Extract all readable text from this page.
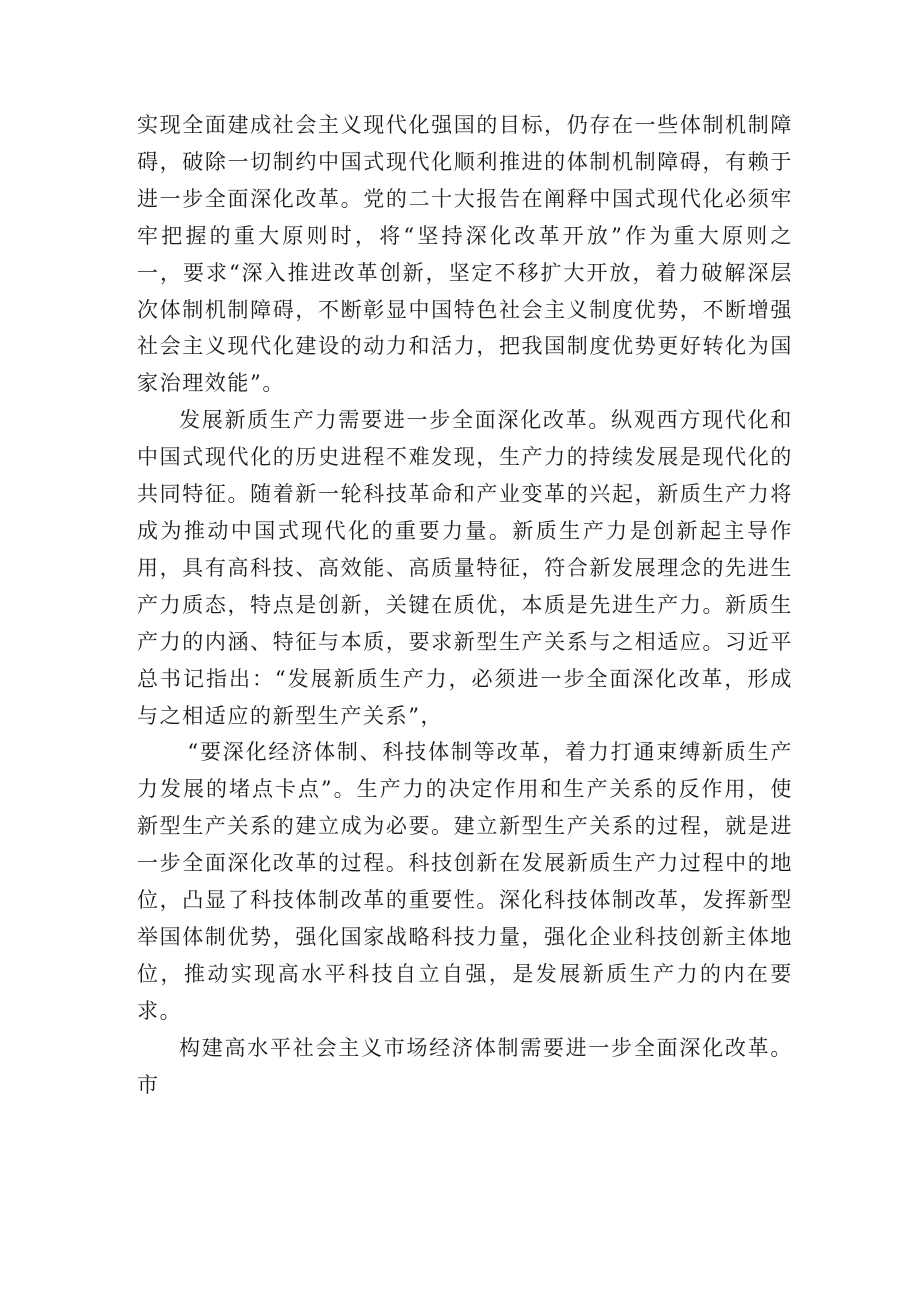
实现全面建成社会主义现代化强国的目标，仍存在一些体制机制障碍，破除一切制约中国式现代化顺利推进的体制机制障碍，有赖于进一步全面深化改革。党的二十大报告在阐释中国式现代化必须牢牢把握的重大原则时，将“坚持深化改革开放”作为重大原则之一，要求“深入推进改革创新，坚定不移扩大开放，着力破解深层次体制机制障碍，不断彰显中国特色社会主义制度优势，不断增强社会主义现代化建设的动力和活力，把我国制度优势更好转化为国家治理效能”。

发展新质生产力需要进一步全面深化改革。纵观西方现代化和中国式现代化的历史进程不难发现，生产力的持续发展是现代化的共同特征。随着新一轮科技革命和产业变革的兴起，新质生产力将成为推动中国式现代化的重要力量。新质生产力是创新起主导作用，具有高科技、高效能、高质量特征，符合新发展理念的先进生产力质态，特点是创新，关键在质优，本质是先进生产力。新质生产力的内涵、特征与本质，要求新型生产关系与之相适应。习近平总书记指出：“发展新质生产力，必须进一步全面深化改革，形成与之相适应的新型生产关系”，

“要深化经济体制、科技体制等改革，着力打通束缚新质生产力发展的堵点卡点”。生产力的决定作用和生产关系的反作用，使新型生产关系的建立成为必要。建立新型生产关系的过程，就是进一步全面深化改革的过程。科技创新在发展新质生产力过程中的地位，凸显了科技体制改革的重要性。深化科技体制改革，发挥新型举国体制优势，强化国家战略科技力量，强化企业科技创新主体地位，推动实现高水平科技自立自强，是发展新质生产力的内在要求。

构建高水平社会主义市场经济体制需要进一步全面深化改革。市
